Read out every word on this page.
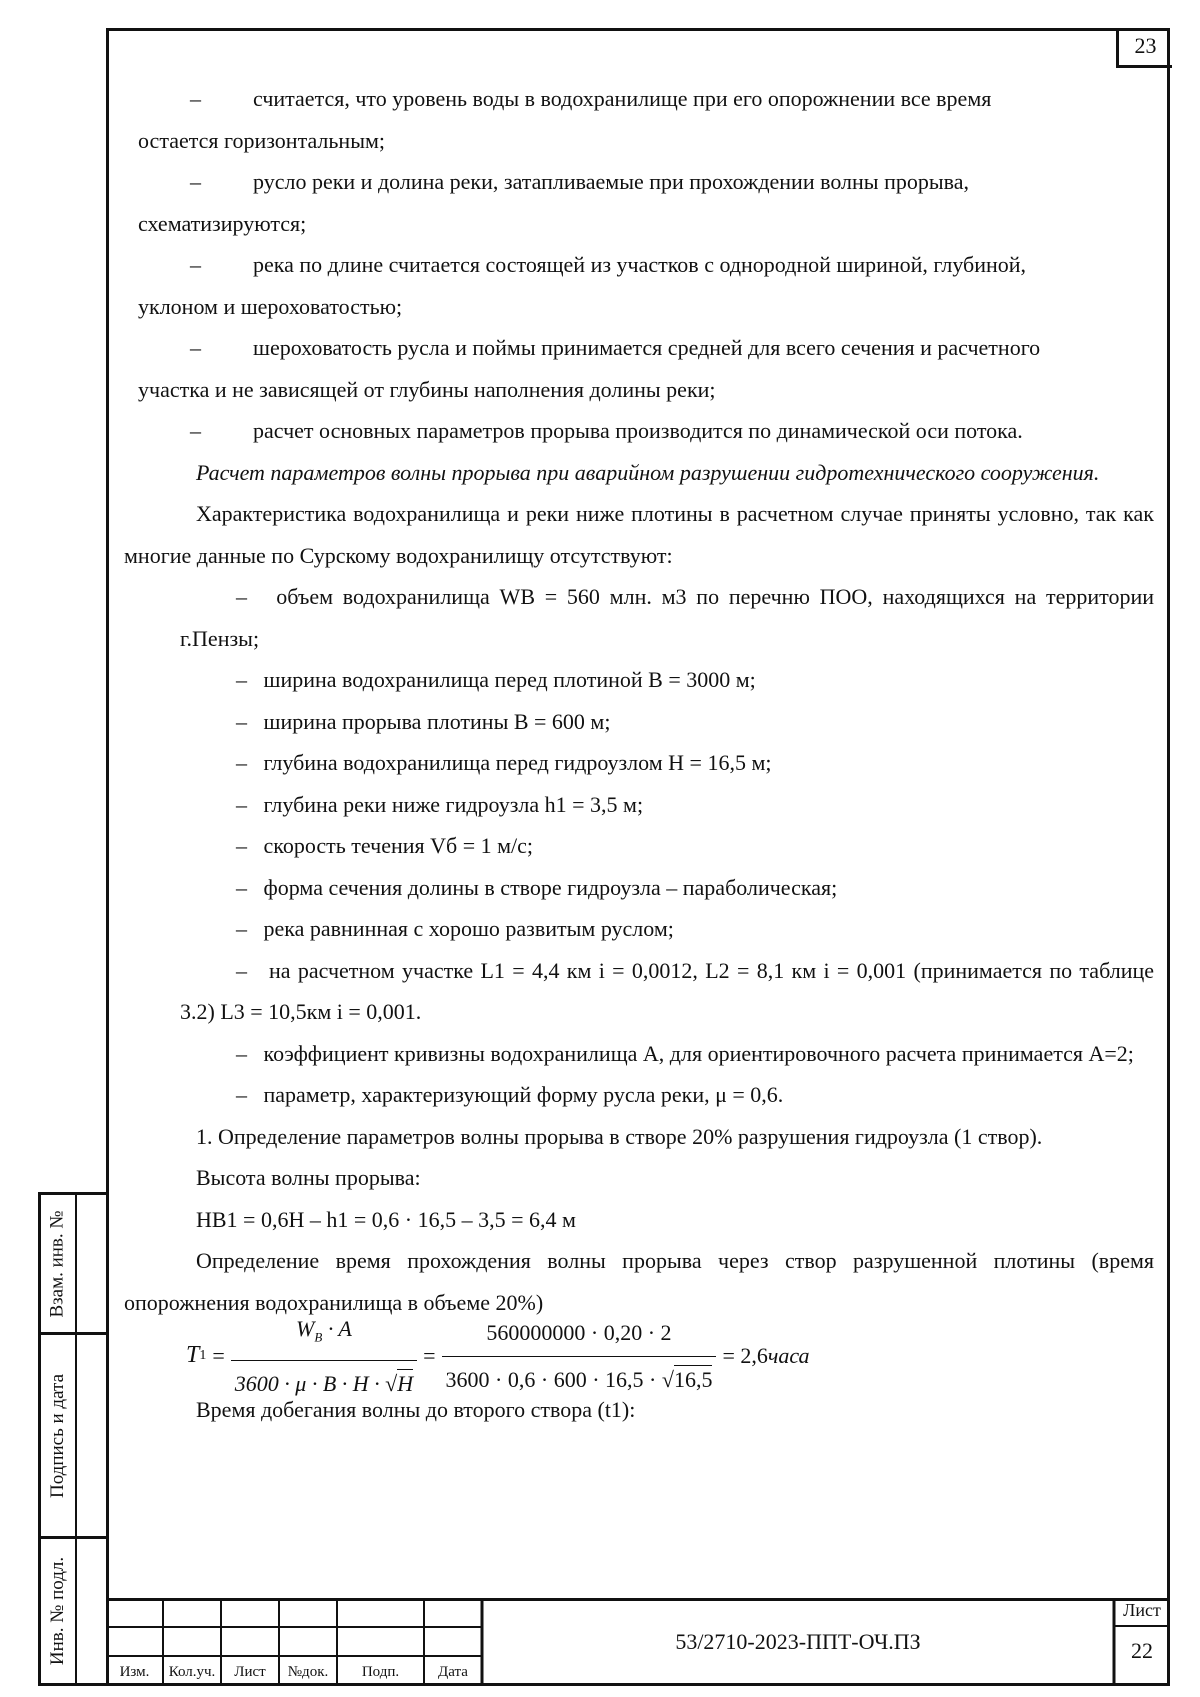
23

– считается, что уровень воды в водохранилище при его опорожнении все время

остается горизонтальным;

– русло реки и долина реки, затапливаемые при прохождении волны прорыва,

схематизируются;

– река по длине считается состоящей из участков с однородной шириной, глубиной,

уклоном и шероховатостью;

– шероховатость русла и поймы принимается средней для всего сечения и расчетного

участка и не зависящей от глубины наполнения долины реки;

– расчет основных параметров прорыва производится по динамической оси потока.

Расчет параметров волны прорыва при аварийном разрушении гидротехнического сооружения.

Характеристика водохранилища и реки ниже плотины в расчетном случае приняты условно, так как многие данные по Сурскому водохранилищу отсутствуют:

– объем водохранилища WB = 560 млн. м3 по перечню ПОО, находящихся на территории г.Пензы;

– ширина водохранилища перед плотиной B = 3000 м;

– ширина прорыва плотины B = 600 м;

– глубина водохранилища перед гидроузлом Н = 16,5 м;

– глубина реки ниже гидроузла h1 = 3,5 м;

– скорость течения Vб = 1 м/с;

– форма сечения долины в створе гидроузла – параболическая;

– река равнинная с хорошо развитым руслом;

– на расчетном участке L1 = 4,4 км i = 0,0012, L2 = 8,1 км i = 0,001 (принимается по таблице 3.2) L3 = 10,5км i = 0,001.

– коэффициент кривизны водохранилища А, для ориентировочного расчета принимается А=2;

– параметр, характеризующий форму русла реки, μ = 0,6.

1. Определение параметров волны прорыва в створе 20% разрушения гидроузла (1 створ).

Высота волны прорыва:

НВ1 = 0,6Н – h1 = 0,6 · 16,5 – 3,5 = 6,4 м

Определение время прохождения волны прорыва через створ разрушенной плотины (время опорожнения водохранилища в объеме 20%)

T $1 = \frac{W_B \cdot A}{3600 \cdot \mu \cdot B \cdot H \cdot √H} = \frac{560000000 \cdot 0,20 \cdot 2}{3600 \cdot 0,6 \cdot 600 \cdot 16,5 \cdot √16,5} = 2,6$ часа

Время добегания волны до второго створа (t1):

Взам. инв. №
Подпись и дата
Инв. № подл.
Изм.	Кол.уч.	Лист	№док.	Подп.	Дата
53/2710-2023-ППТ-ОЧ.ПЗ
Лист
22
